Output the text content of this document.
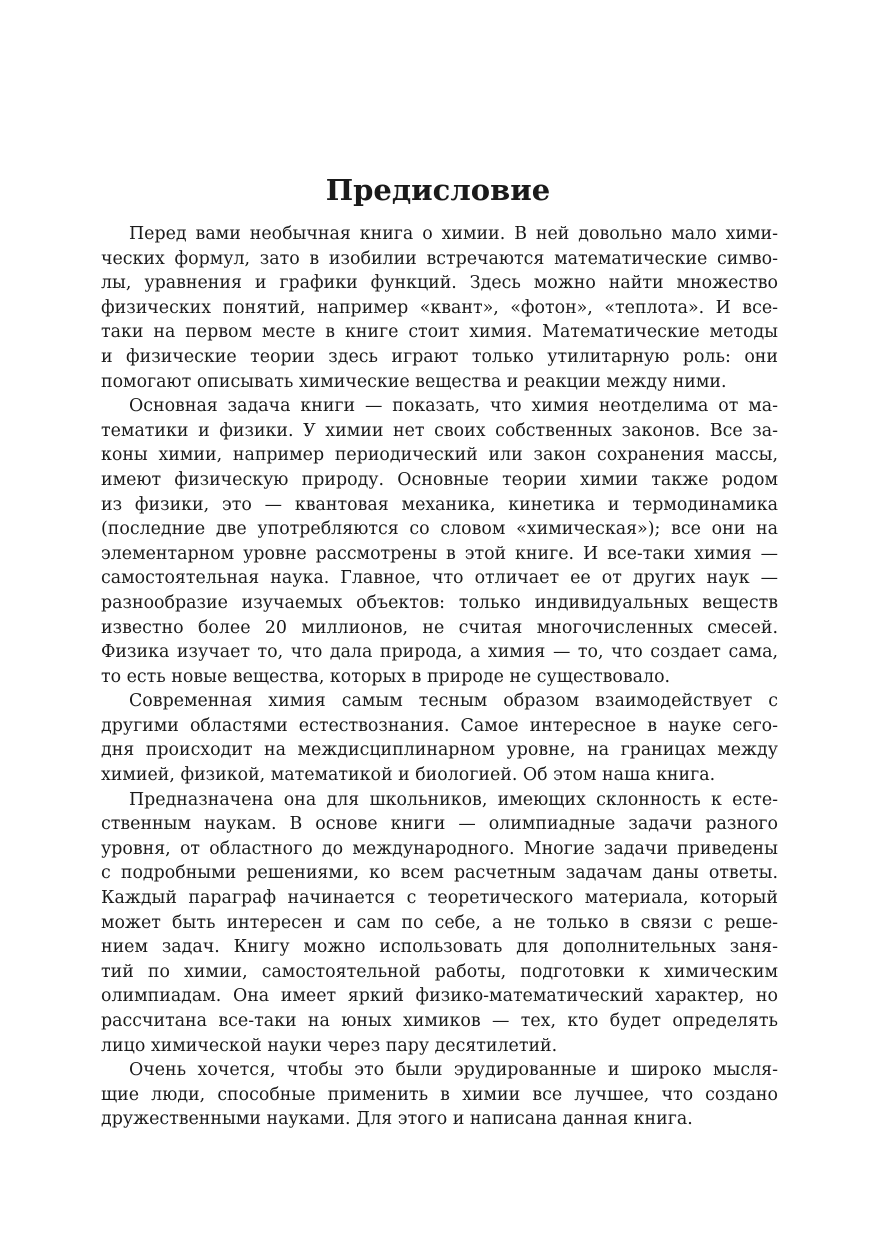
Предисловие
Перед вами необычная книга о химии. В ней довольно мало хими-
ческих формул, зато в изобилии встречаются математические симво-
лы, уравнения и графики функций. Здесь можно найти множество
физических понятий, например «квант», «фотон», «теплота». И все-
таки на первом месте в книге стоит химия. Математические методы
и физические теории здесь играют только утилитарную роль: они
помогают описывать химические вещества и реакции между ними.
Основная задача книги — показать, что химия неотделима от ма-
тематики и физики. У химии нет своих собственных законов. Все за-
коны химии, например периодический или закон сохранения массы,
имеют физическую природу. Основные теории химии также родом
из физики, это — квантовая механика, кинетика и термодинамика
(последние две употребляются со словом «химическая»); все они на
элементарном уровне рассмотрены в этой книге. И все-таки химия —
самостоятельная наука. Главное, что отличает ее от других наук —
разнообразие изучаемых объектов: только индивидуальных веществ
известно более 20 миллионов, не считая многочисленных смесей.
Физика изучает то, что дала природа, а химия — то, что создает сама,
то есть новые вещества, которых в природе не существовало.
Современная химия самым тесным образом взаимодействует с
другими областями естествознания. Самое интересное в науке сего-
дня происходит на междисциплинарном уровне, на границах между
химией, физикой, математикой и биологией. Об этом наша книга.
Предназначена она для школьников, имеющих склонность к есте-
ственным наукам. В основе книги — олимпиадные задачи разного
уровня, от областного до международного. Многие задачи приведены
с подробными решениями, ко всем расчетным задачам даны ответы.
Каждый параграф начинается с теоретического материала, который
может быть интересен и сам по себе, а не только в связи с реше-
нием задач. Книгу можно использовать для дополнительных заня-
тий по химии, самостоятельной работы, подготовки к химическим
олимпиадам. Она имеет яркий физико-математический характер, но
рассчитана все-таки на юных химиков — тех, кто будет определять
лицо химической науки через пару десятилетий.
Очень хочется, чтобы это были эрудированные и широко мысля-
щие люди, способные применить в химии все лучшее, что создано
дружественными науками. Для этого и написана данная книга.
